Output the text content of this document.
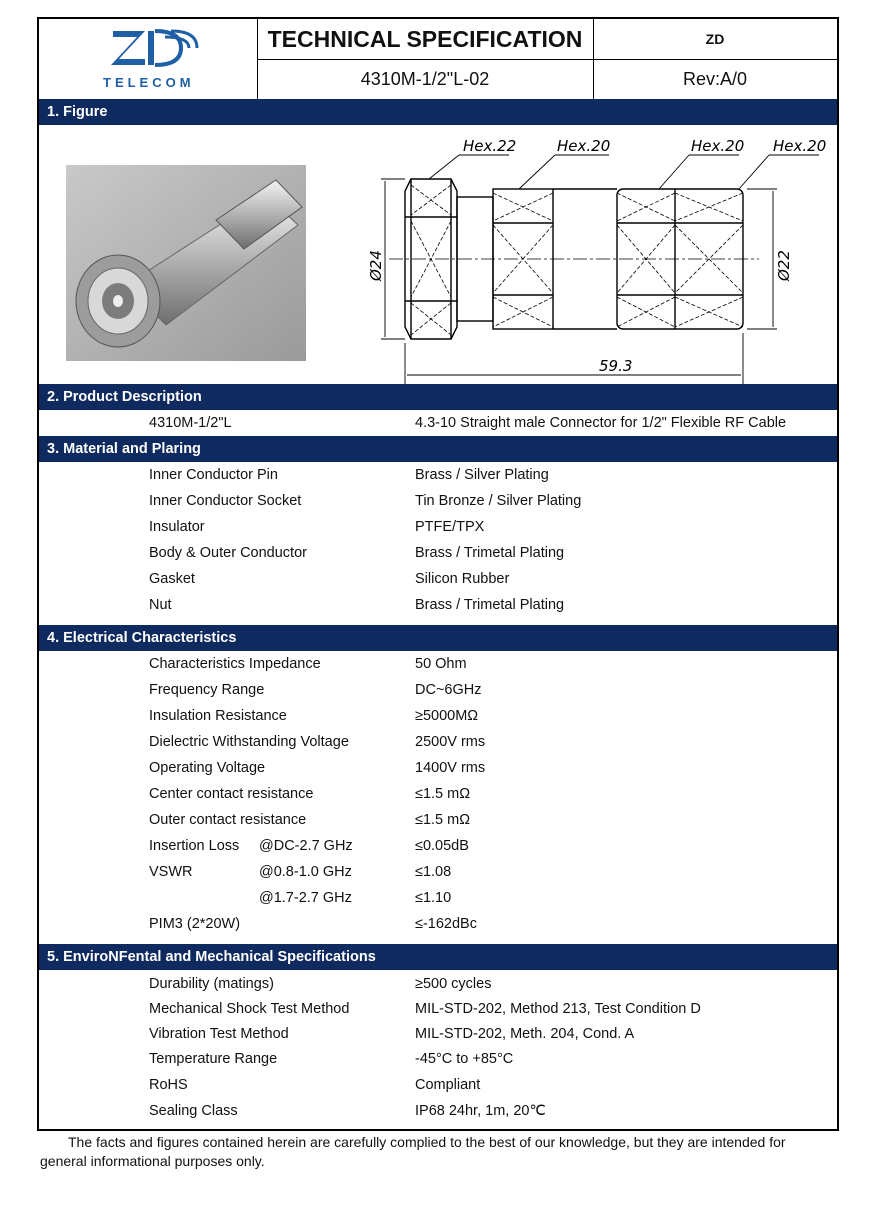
TELECOM
TECHNICAL SPECIFICATION	ZD
4310M-1/2"L-02	Rev:A/0
1. Figure
Hex.22	Hex.20	Hex.20 Hex.20
59.3
Ø24	Ø22
2. Product Description
4310M-1/2"L	4.3-10 Straight male Connector for 1/2" Flexible RF Cable
3. Material and Plaring
Inner Conductor Pin	Brass / Silver Plating
Inner Conductor Socket	Tin Bronze / Silver Plating
Insulator	PTFE/TPX
Body & Outer Conductor	Brass / Trimetal Plating
Gasket	Silicon Rubber
Nut	Brass / Trimetal Plating
4. Electrical Characteristics
Characteristics Impedance	50 Ohm
Frequency Range	DC~6GHz
Insulation Resistance	≥5000MΩ
Dielectric Withstanding Voltage	2500V rms
Operating Voltage	1400V rms
Center contact resistance	≤1.5 mΩ
Outer contact resistance	≤1.5 mΩ
Insertion Loss @DC-2.7 GHz	≤0.05dB
VSWR	@0.8-1.0 GHz	≤1.08
@1.7-2.7 GHz	≤1.10
PIM3 (2*20W)	≤-162dBc
5. EnviroNFental and Mechanical Specifications
Durability (matings)	≥500 cycles
Mechanical Shock Test Method	MIL-STD-202, Method 213, Test Condition D
Vibration Test Method	MIL-STD-202, Meth. 204, Cond. A
Temperature Range	-45°C to +85°C
RoHS	Compliant
Sealing Class	IP68 24hr, 1m, 20℃
The facts and figures contained herein are carefully complied to the best of our knowledge, but they are intended for
general informational purposes only.
